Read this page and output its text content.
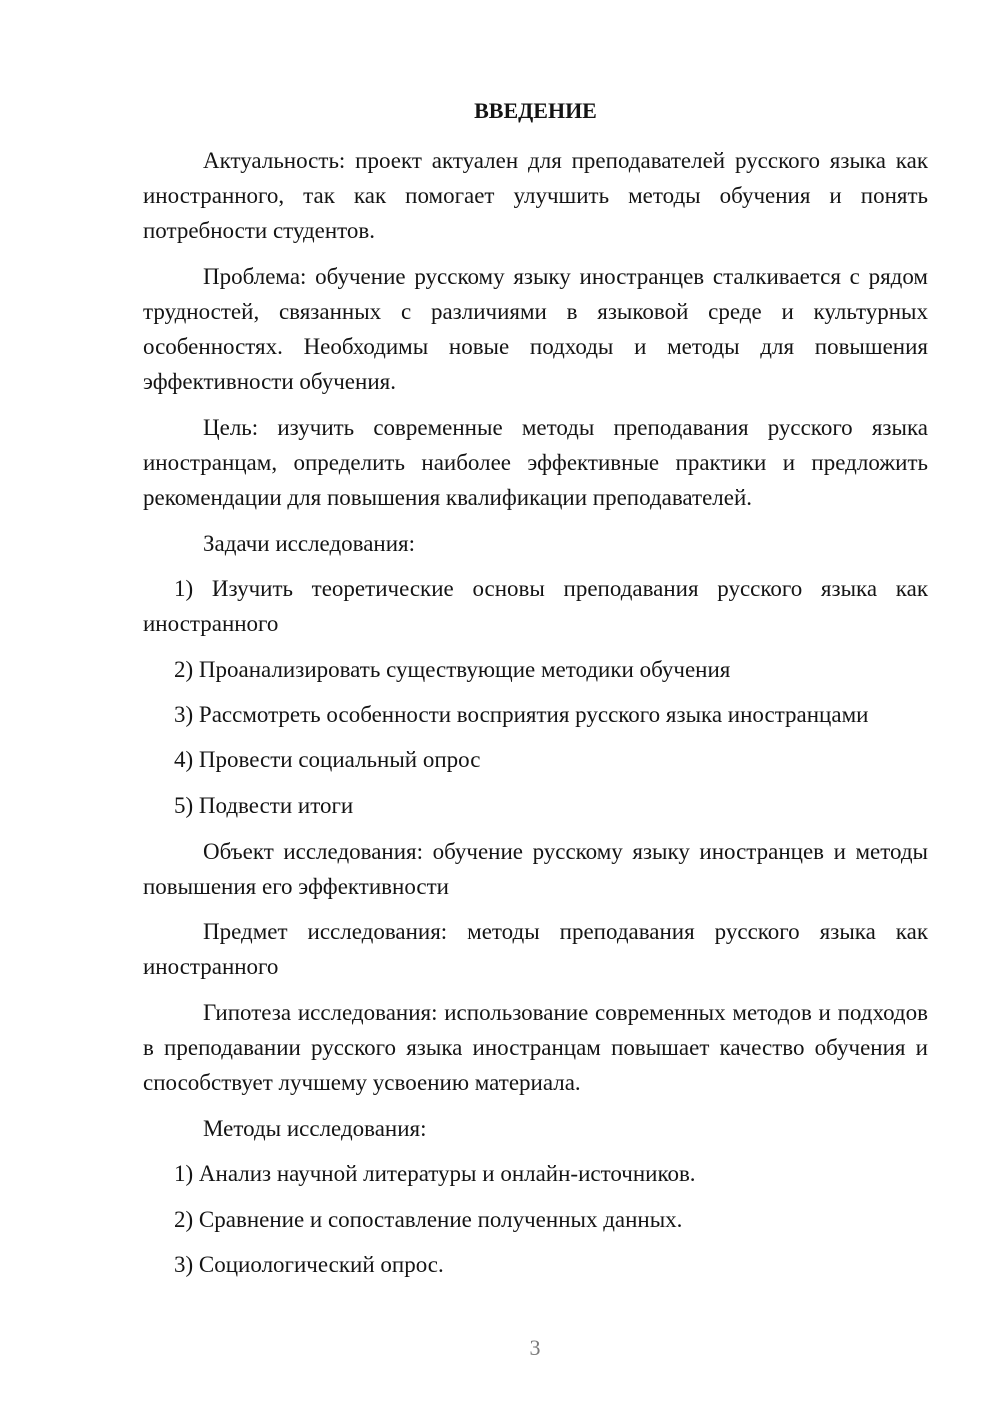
ВВЕДЕНИЕ

Актуальность: проект актуален для преподавателей русского языка как иностранного, так как помогает улучшить методы обучения и понять потребности студентов.

Проблема: обучение русскому языку иностранцев сталкивается с рядом трудностей, связанных с различиями в языковой среде и культурных особенностях. Необходимы новые подходы и методы для повышения эффективности обучения.

Цель: изучить современные методы преподавания русского языка иностранцам, определить наиболее эффективные практики и предложить рекомендации для повышения квалификации преподавателей.

Задачи исследования:

1) Изучить теоретические основы преподавания русского языка как иностранного

2) Проанализировать существующие методики обучения

3) Рассмотреть особенности восприятия русского языка иностранцами

4) Провести социальный опрос

5) Подвести итоги

Объект исследования: обучение русскому языку иностранцев и методы повышения его эффективности

Предмет исследования: методы преподавания русского языка как иностранного

Гипотеза исследования: использование современных методов и подходов в преподавании русского языка иностранцам повышает качество обучения и способствует лучшему усвоению материала.

Методы исследования:

1) Анализ научной литературы и онлайн-источников.

2) Сравнение и сопоставление полученных данных.

3) Социологический опрос.

3
